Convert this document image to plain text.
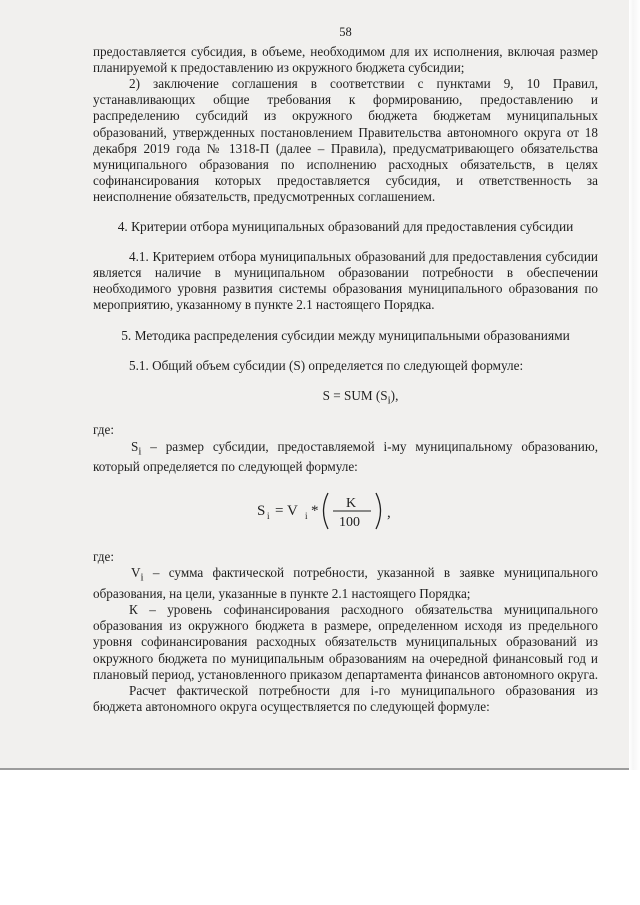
58

предоставляется субсидия, в объеме, необходимом для их исполнения, включая размер планируемой к предоставлению из окружного бюджета субсидии;

2) заключение соглашения в соответствии с пунктами 9, 10 Правил, устанавливающих общие требования к формированию, предоставлению и распределению субсидий из окружного бюджета бюджетам муниципальных образований, утвержденных постановлением Правительства автономного округа от 18 декабря 2019 года № 1318-П (далее – Правила), предусматривающего обязательства муниципального образования по исполнению расходных обязательств, в целях софинансирования которых предоставляется субсидия, и ответственность за неисполнение обязательств, предусмотренных соглашением.

4. Критерии отбора муниципальных образований для предоставления субсидии

4.1. Критерием отбора муниципальных образований для предоставления субсидии является наличие в муниципальном образовании потребности в обеспечении необходимого уровня развития системы образования муниципального образования по мероприятию, указанному в пункте 2.1 настоящего Порядка.

5. Методика распределения субсидии между муниципальными образованиями

5.1. Общий объем субсидии (S) определяется по следующей формуле:

S = SUM $(S_i)$,

где:

$S_i$ – размер субсидии, предоставляемой i-му муниципальному образованию, который определяется по следующей формуле:

S i = V i * K
100
,

где:

$V_i$ – сумма фактической потребности, указанной в заявке муниципального образования, на цели, указанные в пункте 2.1 настоящего Порядка;

К – уровень софинансирования расходного обязательства муниципального образования из окружного бюджета в размере, определенном исходя из предельного уровня софинансирования расходных обязательств муниципальных образований из окружного бюджета по муниципальным образованиям на очередной финансовый год и плановый период, установленного приказом департамента финансов автономного округа.

Расчет фактической потребности для i-го муниципального образования из бюджета автономного округа осуществляется по следующей формуле:
